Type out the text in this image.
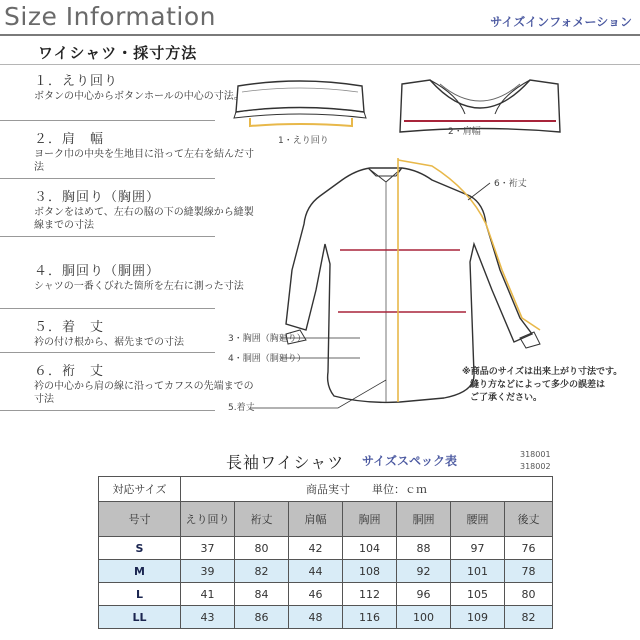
Size Information	サイズインフォメーション
ワイシャツ・採寸方法
１．えり回り
ボタンの中心からボタンホールの中心の寸法。
２．肩　幅
ヨーク巾の中央を生地目に沿って左右を結んだ寸法
３．胸回り（胸囲）
ボタンをはめて、左右の脇の下の縫製線から縫製線までの寸法
４．胴回り（胴囲）
シャツの一番くびれた箇所を左右に測った寸法
５．着　丈
衿の付け根から、裾先までの寸法
６．裄　丈
衿の中心から肩の線に沿ってカフスの先端までの寸法
1・えり回り
2・肩幅
6・裄丈
3・胸囲（胸廻り）
4・胴囲（胴廻り）
5.着丈
※商品のサイズは出来上がり寸法です。
縫り方などによって多少の誤差は
ご了承ください。
長袖ワイシャツ サイズスペック表	318001
318002
対応サイズ	商品実寸　　単位：ｃｍ						
号寸	えり回り	裄丈	肩幅	胸囲	胴囲	腰囲	後丈
S	37	80	42	104	88	97	76
M	39	82	44	108	92	101	78
L	41	84	46	112	96	105	80
LL	43	86	48	116	100	109	82
